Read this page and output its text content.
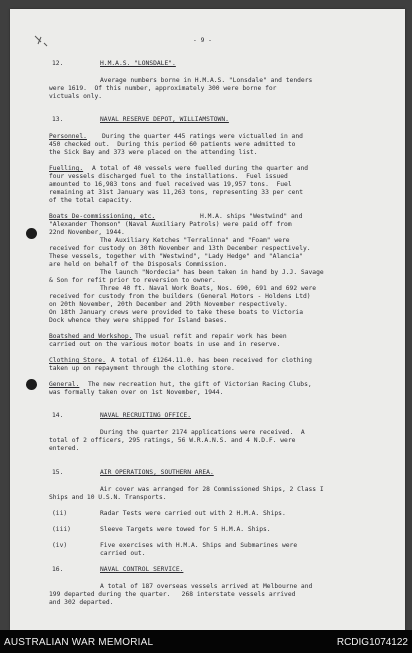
- 9 -
12.	H.M.A.S. "LONSDALE".
Average numbers borne in H.M.A.S. "Lonsdale" and tenders
were 1619.  Of this number, approximately 300 were borne for
victuals only.
13.	NAVAL RESERVE DEPOT, WILLIAMSTOWN.
Personnel. During the quarter 445 ratings were victualled in and
450 checked out.  During this period 60 patients were admitted to
the Sick Bay and 373 were placed on the attending list.
Fuelling. A total of 40 vessels were fuelled during the quarter and
four vessels discharged fuel to the installations.  Fuel issued
amounted to 16,983 tons and fuel received was 19,957 tons.  Fuel
remaining at 31st January was 11,263 tons, representing 33 per cent
of the total capacity.
Boats De-commissioning, etc.	H.M.A. ships "Westwind" and
"Alexander Thomson" (Naval Auxiliary Patrols) were paid off from
22nd November, 1944.
The Auxiliary Ketches "Terralinna" and "Foam" were
received for custody on 30th November and 13th December respectively.
These vessels, together with "Westwind", "Lady Hedge" and "Alancia"
are held on behalf of the Disposals Commission.
The launch "Nordecia" has been taken in hand by J.J. Savage
& Son for refit prior to reversion to owner.
Three 40 ft. Naval Work Boats, Nos. 690, 691 and 692 were
received for custody from the builders (General Motors - Holdens Ltd)
on 20th November, 20th December and 29th November respectively.
On 18th January crews were provided to take these boats to Victoria
Dock whence they were shipped for Island bases.
Boatshed and Workshop. The usual refit and repair work has been
carried out on the various motor boats in use and in reserve.
Clothing Store. A total of £1264.11.0. has been received for clothing
taken up on repayment through the clothing store.
General. The new recreation hut, the gift of Victorian Racing Clubs,
was formally taken over on 1st November, 1944.
14.	NAVAL RECRUITING OFFICE.
During the quarter 2174 applications were received.  A
total of 2 officers, 295 ratings, 56 W.R.A.N.S. and 4 N.D.F. were
entered.
15.	AIR OPERATIONS, SOUTHERN AREA.
Air cover was arranged for 28 Commissioned Ships, 2 Class I
Ships and 10 U.S.N. Transports.
(ii)	Radar Tests were carried out with 2 H.M.A. Ships.
(iii)	Sleeve Targets were towed for 5 H.M.A. Ships.
(iv)	Five exercises with H.M.A. Ships and Submarines were
carried out.
16.	NAVAL CONTROL SERVICE.
A total of 187 overseas vessels arrived at Melbourne and
199 departed during the quarter.   268 interstate vessels arrived
and 302 departed.
AUSTRALIAN WAR MEMORIAL	RCDIG1074122
